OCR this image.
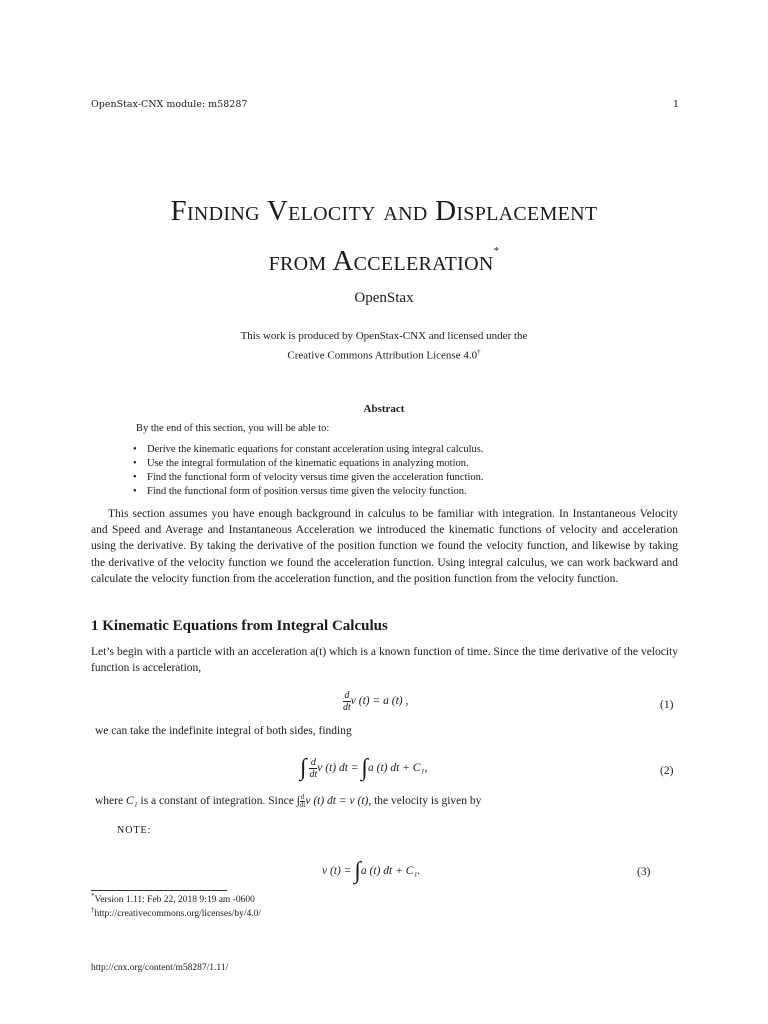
OpenStax-CNX module: m58287	1
Finding Velocity and Displacement
from Acceleration*
OpenStax
This work is produced by OpenStax-CNX and licensed under the
Creative Commons Attribution License 4.0†
Abstract
By the end of this section, you will be able to:
• Derive the kinematic equations for constant acceleration using integral calculus.
• Use the integral formulation of the kinematic equations in analyzing motion.
• Find the functional form of velocity versus time given the acceleration function.
• Find the functional form of position versus time given the velocity function.
This section assumes you have enough background in calculus to be familiar with integration. In Instantaneous Velocity and Speed and Average and Instantaneous Acceleration we introduced the kinematic functions of velocity and acceleration using the derivative. By taking the derivative of the position function we found the velocity function, and likewise by taking the derivative of the velocity function we found the acceleration function. Using integral calculus, we can work backward and calculate the velocity function from the acceleration function, and the position function from the velocity function.
1 Kinematic Equations from Integral Calculus
Let’s begin with a particle with an acceleration a(t) which is a known function of time. Since the time derivative of the velocity function is acceleration,
$\frac{d}{dt}$ v (t) = a (t) ,	(1)
we can take the indefinite integral of both sides, finding
∫ $\frac{d}{dt}$ v (t) dt = ∫a (t) dt + C₁,	(2)
where C₁ is a constant of integration. Since ∫ $\frac{d}{dt}$ v (t) dt = v (t), the velocity is given by
NOTE:
v (t) = ∫a (t) dt + C₁.	(3)
*Version 1.11: Feb 22, 2018 9:19 am -0600
†http://creativecommons.org/licenses/by/4.0/
http://cnx.org/content/m58287/1.11/
